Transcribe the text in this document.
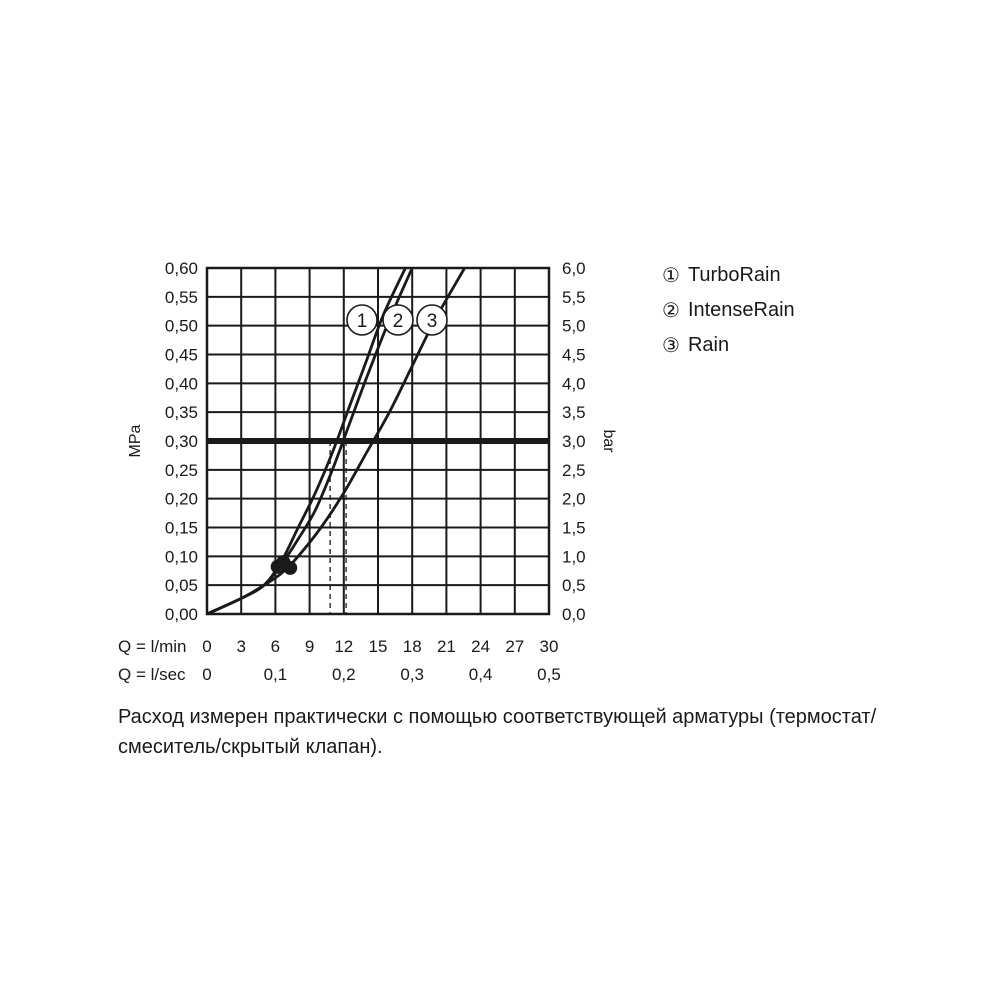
0,00
0,05
0,10
0,15
0,20
0,25
0,30
0,35
0,40
0,45
0,50
0,55
0,60
0,0
0,5
1,0
1,5
2,0
2,5
3,0
3,5
4,0
4,5
5,0
5,5
6,0
MPa	bar
Q = l/min 0 3 6 9 12 15 18 21 24 27 30
Q = l/sec 0	0,1	0,2	0,3	0,4	0,5
1 2 3
① TurboRain
② IntenseRain
③ Rain
Расход измерен практически с помощью соответствующей арматуры (термостат/ смеситель/скрытый клапан).
